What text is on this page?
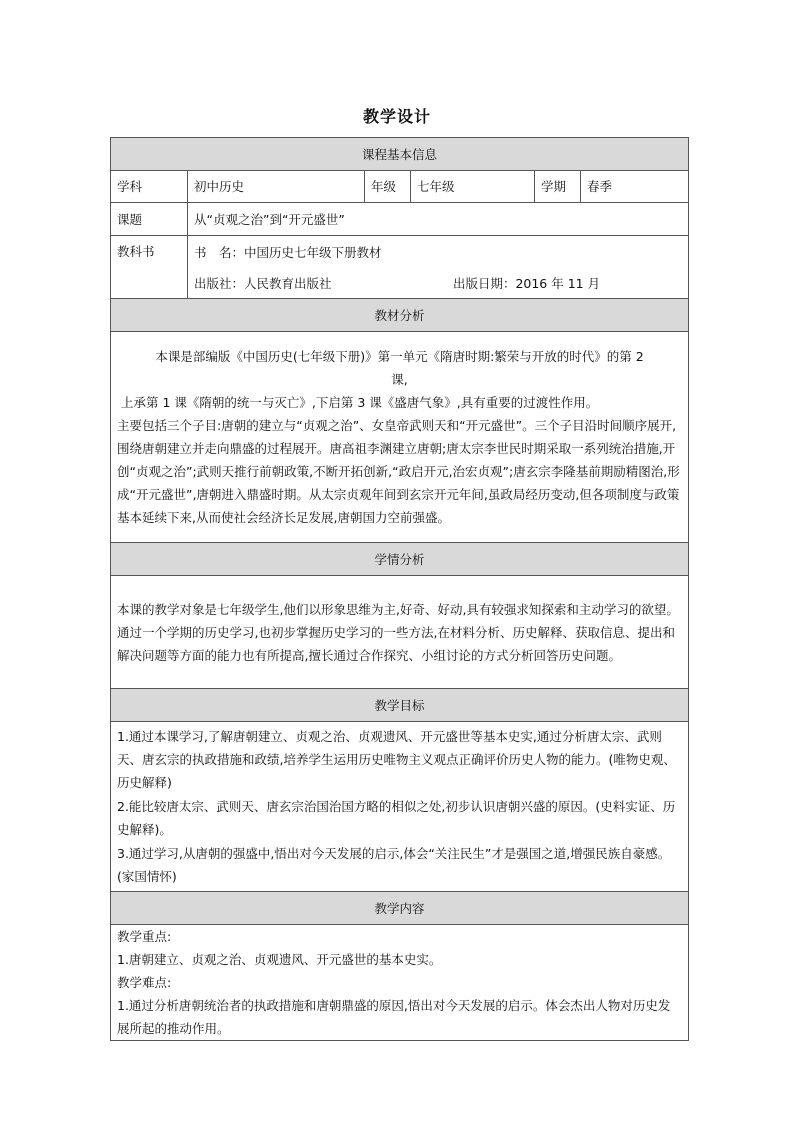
教学设计
课程基本信息					
学科	初中历史	年级	七年级	学期	春季
课题	从“贞观之治”到“开元盛世”				
教科书	书　名：中国历史七年级下册教材				

	出版社：人民教育出版社 出版日期：2016 年 11 月				

教材分析					

本课是部编版《中国历史(七年级下册)》第一单元《隋唐时期:繁荣与开放的时代》的第 2
课,
上承第 1 课《隋朝的统一与灭亡》,下启第 3 课《盛唐气象》,具有重要的过渡性作用。
主要包括三个子目:唐朝的建立与“贞观之治”、女皇帝武则天和“开元盛世”。三个子目沿时间顺序展开,围绕唐朝建立并走向鼎盛的过程展开。唐高祖李渊建立唐朝;唐太宗李世民时期采取一系列统治措施,开创“贞观之治”;武则天推行前朝政策,不断开拓创新,“政启开元,治宏贞观”;唐玄宗李隆基前期励精图治,形成“开元盛世”,唐朝进入鼎盛时期。从太宗贞观年间到玄宗开元年间,虽政局经历变动,但各项制度与政策基本延续下来,从而使社会经济长足发展,唐朝国力空前强盛。					

学情分析					
本课的教学对象是七年级学生,他们以形象思维为主,好奇、好动,具有较强求知探索和主动学习的欲望。通过一个学期的历史学习,也初步掌握历史学习的一些方法,在材料分析、历史解释、获取信息、提出和解决问题等方面的能力也有所提高,擅长通过合作探究、小组讨论的方式分析回答历史问题。					
教学目标					

1.通过本课学习,了解唐朝建立、贞观之治、贞观遗风、开元盛世等基本史实,通过分析唐太宗、武则天、唐玄宗的执政措施和政绩,培养学生运用历史唯物主义观点正确评价历史人物的能力。(唯物史观、历史解释)

2.能比较唐太宗、武则天、唐玄宗治国治国方略的相似之处,初步认识唐朝兴盛的原因。(史料实证、历史解释)。

3.通过学习,从唐朝的强盛中,悟出对今天发展的启示,体会“关注民生”才是强国之道,增强民族自豪感。(家国情怀)					

教学内容					

教学重点:
1.唐朝建立、贞观之治、贞观遗风、开元盛世的基本史实。
教学难点:
1.通过分析唐朝统治者的执政措施和唐朝鼎盛的原因,悟出对今天发展的启示。体会杰出人物对历史发展所起的推动作用。					
